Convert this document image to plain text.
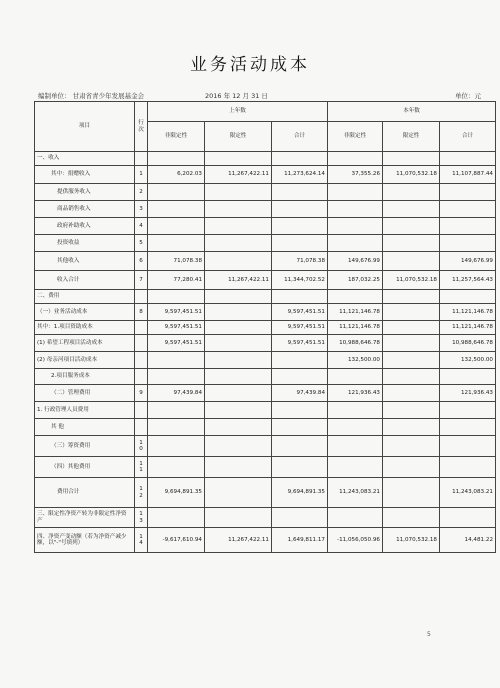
业务活动成本
编制单位： 甘肃省青少年发展基金会	2016 年 12 月 31 日	单位：元
项目	行次	上年数			本年数		
		非限定性	限定性	合计	非限定性	限定性	合计
一、收入							
其中：捐赠收入	1	6,202.03	11,267,422.11	11,273,624.14	37,355.26	11,070,532.18	11,107,887.44
提供服务收入	2						
商品销售收入	3						
政府补助收入	4						
投资收益	5						
其他收入	6	71,078.38		71,078.38	149,676.99		149,676.99
收入合计	7	77,280.41	11,267,422.11	11,344,702.52	187,032.25	11,070,532.18	11,257,564.43
二、费用							
（一）业务活动成本	8	9,597,451.51		9,597,451.51	11,121,146.78		11,121,146.78
其中：1.项目资助成本		9,597,451.51		9,597,451.51	11,121,146.78		11,121,146.78
(1) 希望工程项目活动成本		9,597,451.51		9,597,451.51	10,988,646.78		10,988,646.78
(2) 母亲河项目活动成本					132,500.00		132,500.00
2.项目服务成本							
（二）管理费用	9	97,439.84		97,439.84	121,936.43		121,936.43
1. 行政管理人员费用							
其 他							
（三）筹资费用	1 0						
（四）其他费用	1 1						
费用合计	1 2	9,694,891.35		9,694,891.35	11,243,083.21		11,243,083.21
三、限定性净资产转为非限定性净资产	1 3						
四、净资产变动额（若为净资产减少额，以"-"号填列）	1 4	-9,617,610.94	11,267,422.11	1,649,811.17	-11,056,050.96	11,070,532.18	14,481.22
5
